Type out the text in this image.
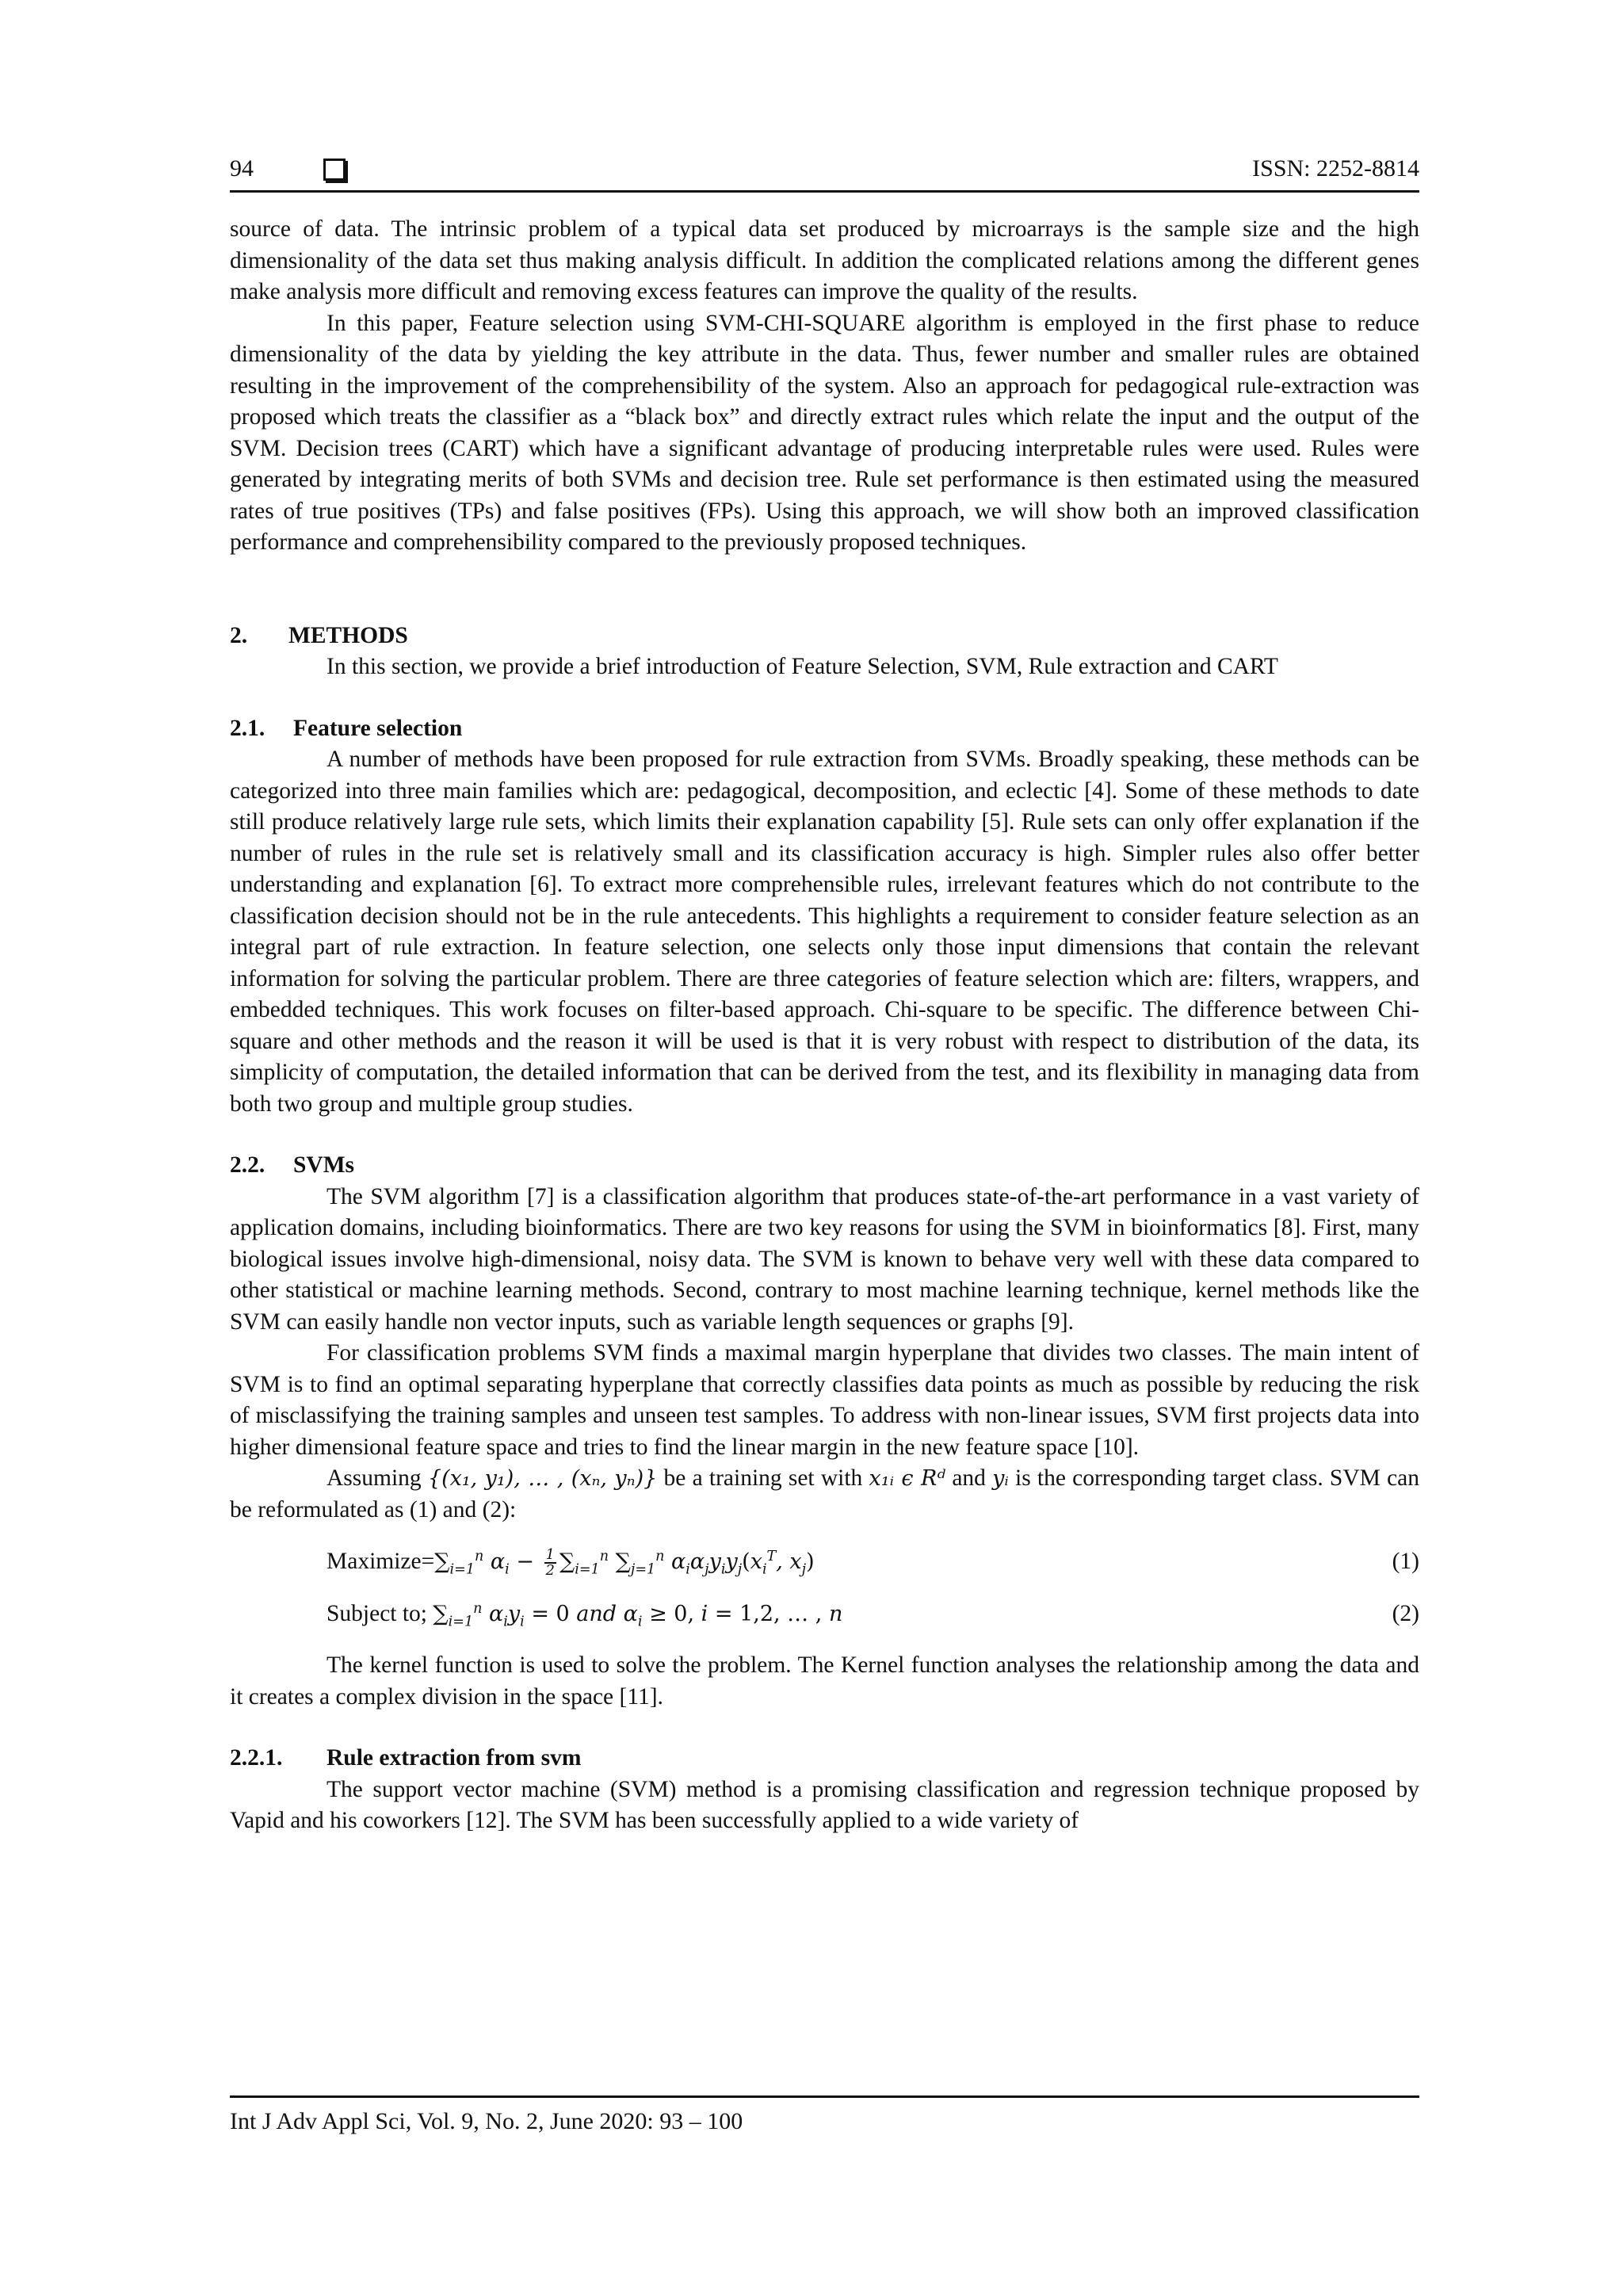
94	ISSN: 2252-8814

source of data. The intrinsic problem of a typical data set produced by microarrays is the sample size and the high dimensionality of the data set thus making analysis difficult. In addition the complicated relations among the different genes make analysis more difficult and removing excess features can improve the quality of the results.

In this paper, Feature selection using SVM-CHI-SQUARE algorithm is employed in the first phase to reduce dimensionality of the data by yielding the key attribute in the data. Thus, fewer number and smaller rules are obtained resulting in the improvement of the comprehensibility of the system. Also an approach for pedagogical rule-extraction was proposed which treats the classifier as a “black box” and directly extract rules which relate the input and the output of the SVM. Decision trees (CART) which have a significant advantage of producing interpretable rules were used. Rules were generated by integrating merits of both SVMs and decision tree. Rule set performance is then estimated using the measured rates of true positives (TPs) and false positives (FPs). Using this approach, we will show both an improved classification performance and comprehensibility compared to the previously proposed techniques.

2.	METHODS

In this section, we provide a brief introduction of Feature Selection, SVM, Rule extraction and CART

2.1.	Feature selection

A number of methods have been proposed for rule extraction from SVMs. Broadly speaking, these methods can be categorized into three main families which are: pedagogical, decomposition, and eclectic [4]. Some of these methods to date still produce relatively large rule sets, which limits their explanation capability [5]. Rule sets can only offer explanation if the number of rules in the rule set is relatively small and its classification accuracy is high. Simpler rules also offer better understanding and explanation [6]. To extract more comprehensible rules, irrelevant features which do not contribute to the classification decision should not be in the rule antecedents. This highlights a requirement to consider feature selection as an integral part of rule extraction. In feature selection, one selects only those input dimensions that contain the relevant information for solving the particular problem. There are three categories of feature selection which are: filters, wrappers, and embedded techniques. This work focuses on filter-based approach. Chi-square to be specific. The difference between Chi-square and other methods and the reason it will be used is that it is very robust with respect to distribution of the data, its simplicity of computation, the detailed information that can be derived from the test, and its flexibility in managing data from both two group and multiple group studies.

2.2.	SVMs

The SVM algorithm [7] is a classification algorithm that produces state-of-the-art performance in a vast variety of application domains, including bioinformatics. There are two key reasons for using the SVM in bioinformatics [8]. First, many biological issues involve high-dimensional, noisy data. The SVM is known to behave very well with these data compared to other statistical or machine learning methods. Second, contrary to most machine learning technique, kernel methods like the SVM can easily handle non vector inputs, such as variable length sequences or graphs [9].

For classification problems SVM finds a maximal margin hyperplane that divides two classes. The main intent of SVM is to find an optimal separating hyperplane that correctly classifies data points as much as possible by reducing the risk of misclassifying the training samples and unseen test samples. To address with non-linear issues, SVM first projects data into higher dimensional feature space and tries to find the linear margin in the new feature space [10].

Assuming {(x₁, y₁), … , (xₙ, yₙ)} be a training set with x₁ᵢ ϵ Rᵈ and yᵢ is the corresponding target class. SVM can be reformulated as (1) and (2):

$Maximize=\sum_{i=1}^n$ $\alpha_i - \frac{1}{2} \sum_{i=1}^n$ $\sum_{j=1}^n$ $\alpha_i\alpha_jy_iy_j(x_i^T$, $x_j$)	(1)
Subject to; $\sum_{i=1}^n$ $\alpha_iy_i = 0$ and $\alpha_i \ge 0$, i = 1,2, … , n	(2)

The kernel function is used to solve the problem. The Kernel function analyses the relationship among the data and it creates a complex division in the space [11].

2.2.1.	Rule extraction from svm

The support vector machine (SVM) method is a promising classification and regression technique proposed by Vapid and his coworkers [12]. The SVM has been successfully applied to a wide variety of

Int J Adv Appl Sci, Vol. 9, No. 2, June 2020: 93 – 100
